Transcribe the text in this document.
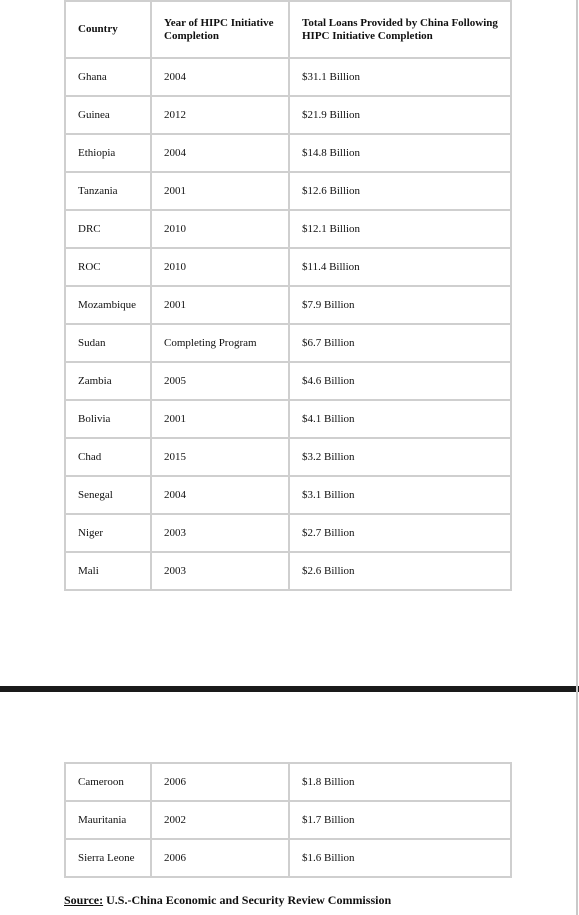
Country	Year of HIPC Initiative Completion	Total Loans Provided by China Following HIPC Initiative Completion
Ghana	2004	$31.1 Billion
Guinea	2012	$21.9 Billion
Ethiopia	2004	$14.8 Billion
Tanzania	2001	$12.6 Billion
DRC	2010	$12.1 Billion
ROC	2010	$11.4 Billion
Mozambique	2001	$7.9 Billion
Sudan	Completing Program	$6.7 Billion
Zambia	2005	$4.6 Billion
Bolivia	2001	$4.1 Billion
Chad	2015	$3.2 Billion
Senegal	2004	$3.1 Billion
Niger	2003	$2.7 Billion
Mali	2003	$2.6 Billion
Cameroon	2006	$1.8 Billion
Mauritania	2002	$1.7 Billion
Sierra Leone	2006	$1.6 Billion
Source: U.S.-China Economic and Security Review Commission
